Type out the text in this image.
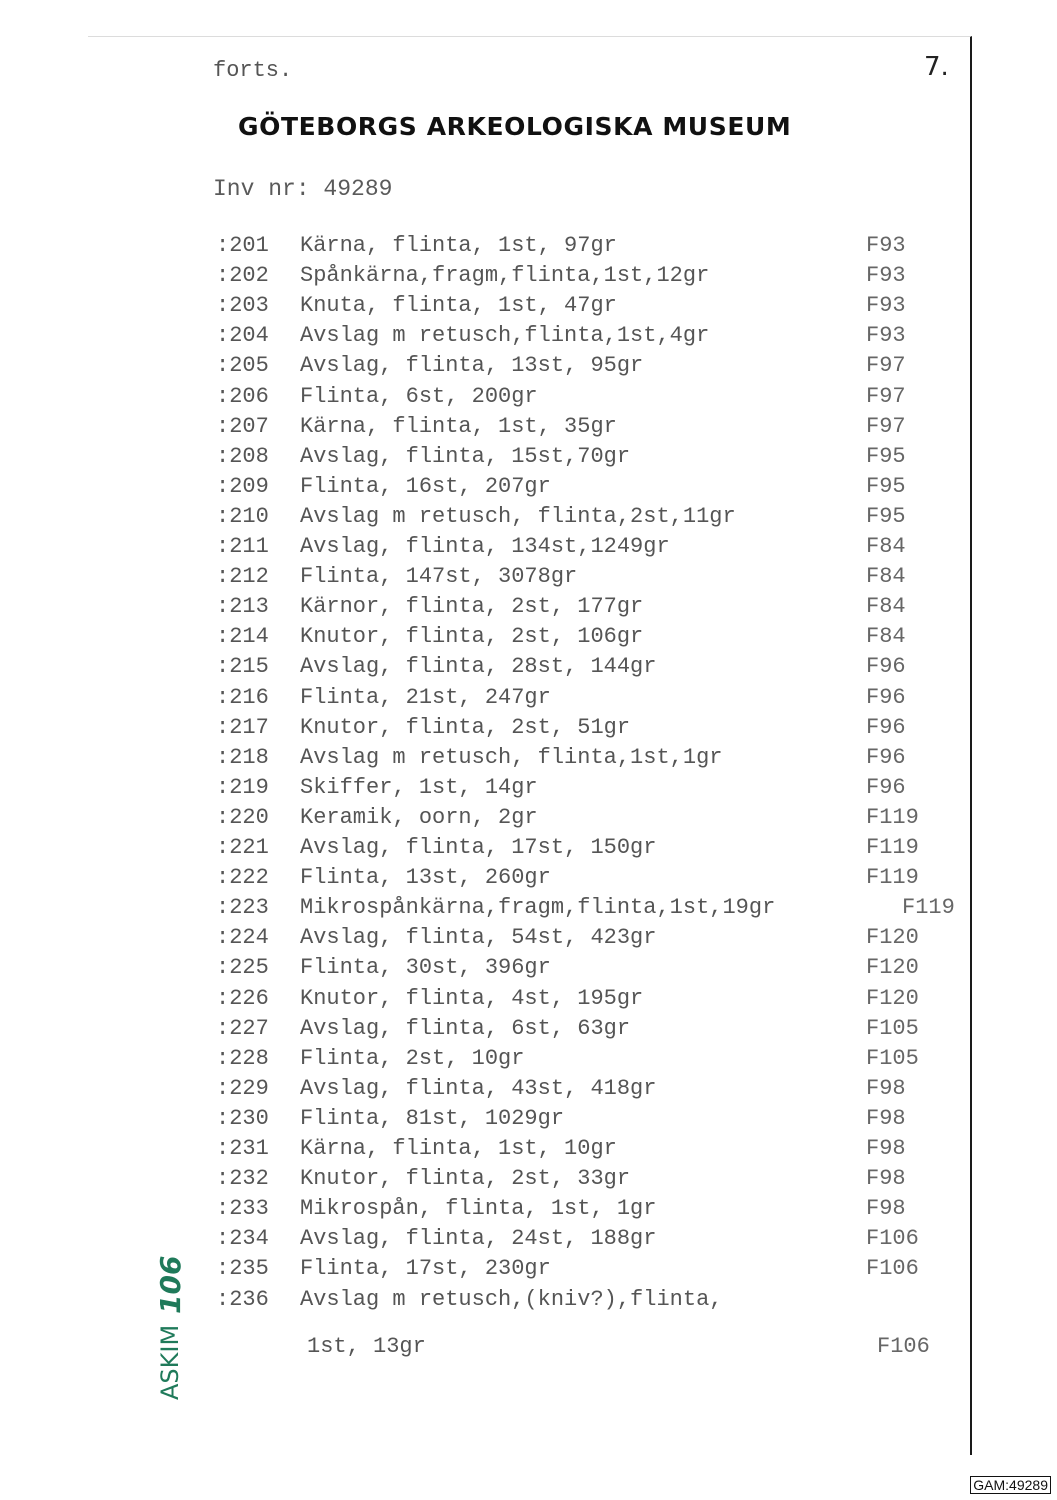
forts.	7.
GÖTEBORGS ARKEOLOGISKA MUSEUM
Inv nr: 49289
:201 Kärna, flinta, 1st, 97gr	F93
:202 Spånkärna,fragm,flinta,1st,12gr	F93
:203 Knuta, flinta, 1st, 47gr	F93
:204 Avslag m retusch,flinta,1st,4gr	F93
:205 Avslag, flinta, 13st, 95gr	F97
:206 Flinta, 6st, 200gr	F97
:207 Kärna, flinta, 1st, 35gr	F97
:208 Avslag, flinta, 15st,70gr	F95
:209 Flinta, 16st, 207gr	F95
:210 Avslag m retusch, flinta,2st,11gr	F95
:211 Avslag, flinta, 134st,1249gr	F84
:212 Flinta, 147st, 3078gr	F84
:213 Kärnor, flinta, 2st, 177gr	F84
:214 Knutor, flinta, 2st, 106gr	F84
:215 Avslag, flinta, 28st, 144gr	F96
:216 Flinta, 21st, 247gr	F96
:217 Knutor, flinta, 2st, 51gr	F96
:218 Avslag m retusch, flinta,1st,1gr	F96
:219 Skiffer, 1st, 14gr	F96
:220 Keramik, oorn, 2gr	F119
:221 Avslag, flinta, 17st, 150gr	F119
:222 Flinta, 13st, 260gr	F119
:223 Mikrospånkärna,fragm,flinta,1st,19gr	F119
:224 Avslag, flinta, 54st, 423gr	F120
:225 Flinta, 30st, 396gr	F120
:226 Knutor, flinta, 4st, 195gr	F120
:227 Avslag, flinta, 6st, 63gr	F105
:228 Flinta, 2st, 10gr	F105
:229 Avslag, flinta, 43st, 418gr	F98
:230 Flinta, 81st, 1029gr	F98
:231 Kärna, flinta, 1st, 10gr	F98
:232 Knutor, flinta, 2st, 33gr	F98
:233 Mikrospån, flinta, 1st, 1gr	F98
:234 Avslag, flinta, 24st, 188gr	F106
:235 Flinta, 17st, 230gr	F106
:236 Avslag m retusch,(kniv?),flinta,
1st, 13gr	F106
ASKIM
106
GAM:49289
